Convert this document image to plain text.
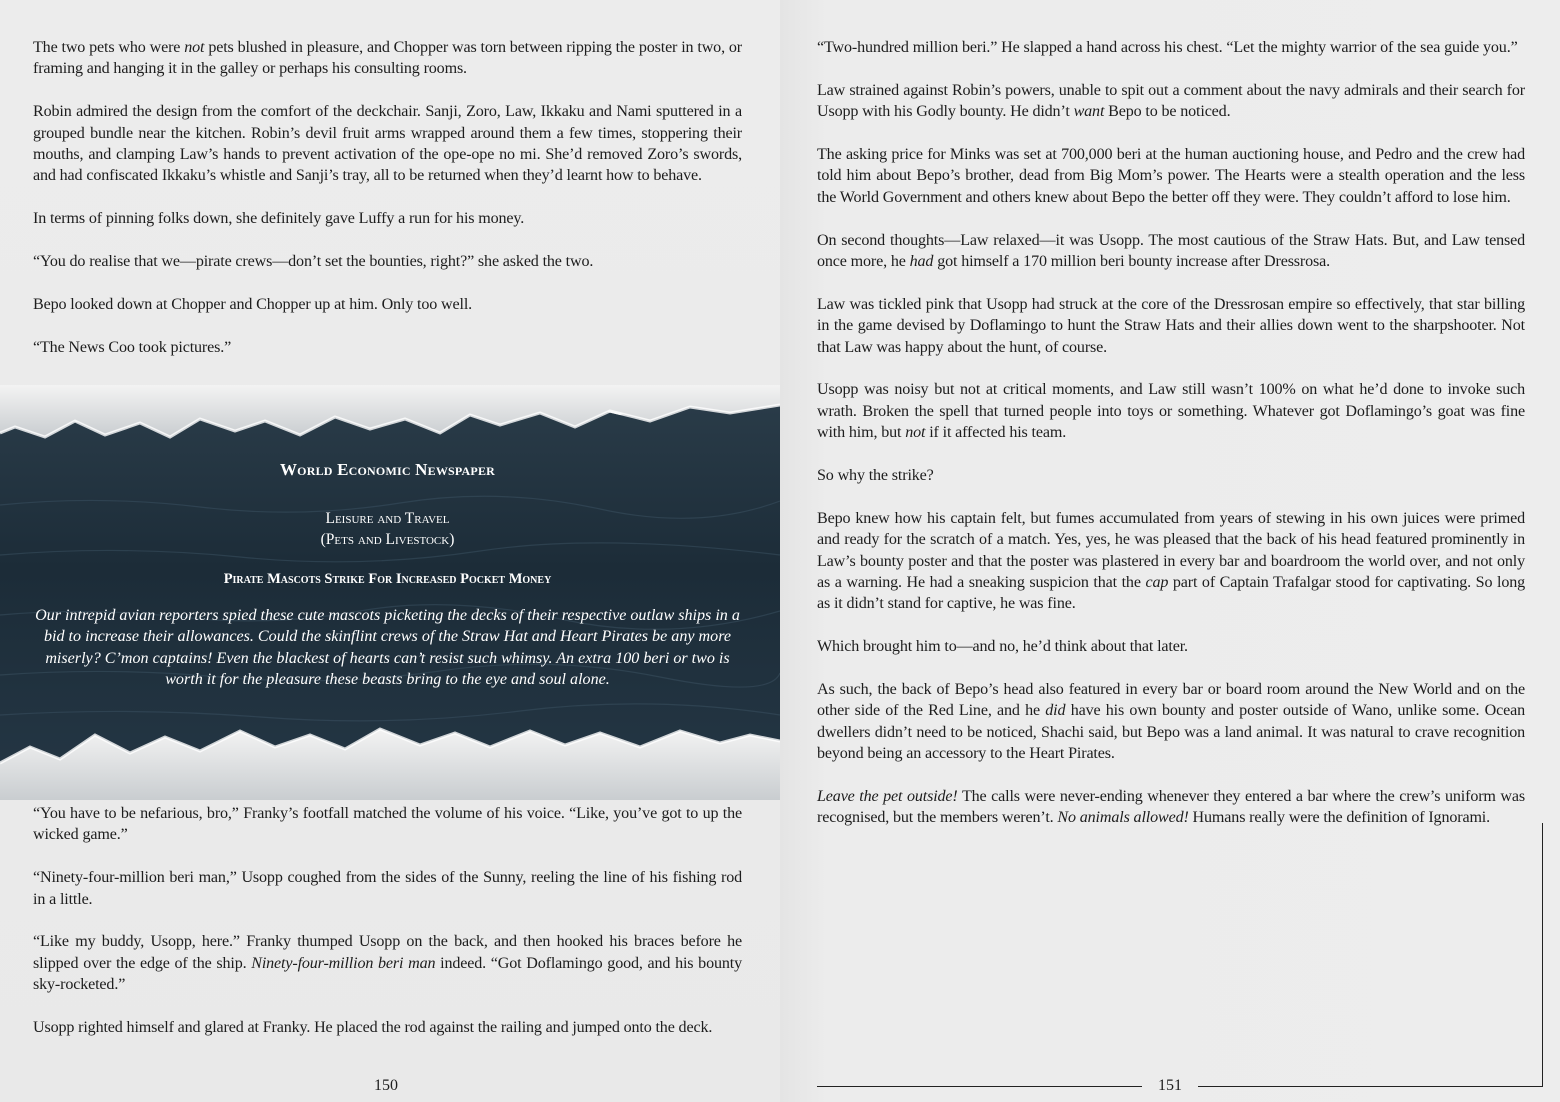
The two pets who were not pets blushed in pleasure, and Chopper was torn between ripping the poster in two, or framing and hanging it in the galley or perhaps his consulting rooms.

Robin admired the design from the comfort of the deckchair. Sanji, Zoro, Law, Ikkaku and Nami sputtered in a grouped bundle near the kitchen. Robin’s devil fruit arms wrapped around them a few times, stoppering their mouths, and clamping Law’s hands to prevent activation of the ope-ope no mi. She’d removed Zoro’s swords, and had confiscated Ikkaku’s whistle and Sanji’s tray, all to be returned when they’d learnt how to behave.

In terms of pinning folks down, she definitely gave Luffy a run for his money.

“You do realise that we—pirate crews—don’t set the bounties, right?” she asked the two.

Bepo looked down at Chopper and Chopper up at him. Only too well.

“The News Coo took pictures.”

World Economic Newspaper

Leisure and Travel

(Pets and Livestock)

Pirate Mascots Strike For Increased Pocket Money

Our intrepid avian reporters spied these cute mascots picketing the decks of their respective outlaw ships in a bid to increase their allowances. Could the skinflint crews of the Straw Hat and Heart Pirates be any more miserly? C’mon captains! Even the blackest of hearts can’t resist such whimsy. An extra 100 beri or two is worth it for the pleasure these beasts bring to the eye and soul alone.

“You have to be nefarious, bro,” Franky’s footfall matched the volume of his voice. “Like, you’ve got to up the wicked game.”

“Ninety-four-million beri man,” Usopp coughed from the sides of the Sunny, reeling the line of his fishing rod in a little.

“Like my buddy, Usopp, here.” Franky thumped Usopp on the back, and then hooked his braces before he slipped over the edge of the ship. Ninety-four-million beri man indeed. “Got Doflamingo good, and his bounty sky-rocketed.”

Usopp righted himself and glared at Franky. He placed the rod against the railing and jumped onto the deck.

150

“Two-hundred million beri.” He slapped a hand across his chest. “Let the mighty warrior of the sea guide you.”

Law strained against Robin’s powers, unable to spit out a comment about the navy admirals and their search for Usopp with his Godly bounty. He didn’t want Bepo to be noticed.

The asking price for Minks was set at 700,000 beri at the human auctioning house, and Pedro and the crew had told him about Bepo’s brother, dead from Big Mom’s power. The Hearts were a stealth operation and the less the World Government and others knew about Bepo the better off they were. They couldn’t afford to lose him.

On second thoughts—Law relaxed—it was Usopp. The most cautious of the Straw Hats. But, and Law tensed once more, he had got himself a 170 million beri bounty increase after Dressrosa.

Law was tickled pink that Usopp had struck at the core of the Dressrosan empire so effectively, that star billing in the game devised by Doflamingo to hunt the Straw Hats and their allies down went to the sharpshooter. Not that Law was happy about the hunt, of course.

Usopp was noisy but not at critical moments, and Law still wasn’t 100% on what he’d done to invoke such wrath. Broken the spell that turned people into toys or something. Whatever got Doflamingo’s goat was fine with him, but not if it affected his team.

So why the strike?

Bepo knew how his captain felt, but fumes accumulated from years of stewing in his own juices were primed and ready for the scratch of a match. Yes, yes, he was pleased that the back of his head featured prominently in Law’s bounty poster and that the poster was plastered in every bar and boardroom the world over, and not only as a warning. He had a sneaking suspicion that the cap part of Captain Trafalgar stood for captivating. So long as it didn’t stand for captive, he was fine.

Which brought him to—and no, he’d think about that later.

As such, the back of Bepo’s head also featured in every bar or board room around the New World and on the other side of the Red Line, and he did have his own bounty and poster outside of Wano, unlike some. Ocean dwellers didn’t need to be noticed, Shachi said, but Bepo was a land animal. It was natural to crave recognition beyond being an accessory to the Heart Pirates.

Leave the pet outside! The calls were never-ending whenever they entered a bar where the crew’s uniform was recognised, but the members weren’t. No animals allowed! Humans really were the definition of Ignorami.

151
